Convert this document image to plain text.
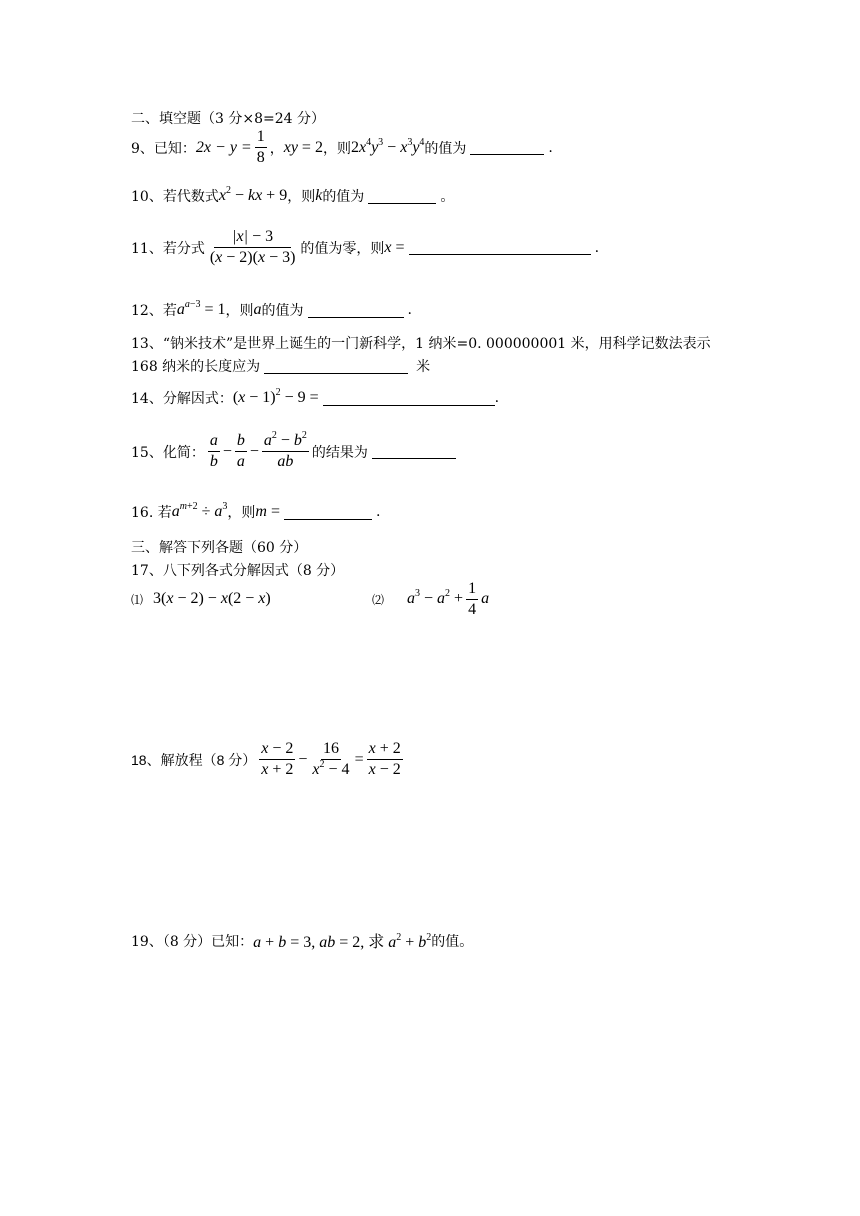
二、填空题（3 分×8=24 分）
9、已知： $2x - y = \frac{1}{8}$ ， xy = 2 ，则 $2x^4y^3 - x^3y^4$ 的值为	.
10、若代数式 $x^2$ − kx + 9 ，则 k 的值为	。
11、若分式 $\frac{|x| - 3}{(x - 2)(x - 3)}$ 的值为零，则 x =	.
12、若 $a^{a-3} = 1$ ，则 a 的值为	.
13、“钠米技术”是世界上诞生的一门新科学，1 纳米=0. 000000001 米，用科学记数法表示
168 纳米的长度应为	米
14、分解因式： $(x - 1)^2 - 9$ =	.
15、化简： $\frac{a}{b} - \frac{b}{a} - \frac{a^2 - b^2}{ab}$ 的结果为
16. 若 $a^{m+2} \div a^3$ ，则 m =	.
三、解答下列各题（60 分）
17、八下列各式分解因式（8 分）
⑴ 3(x − 2) − x(2 − x)	⑵ $a^3 - a^2 + \frac{1}{4}$ a
18、解放程（8 分） $\frac{x - 2}{x + 2} - \frac{16}{x^2 - 4} = \frac{x + 2}{x - 2}$
19、（8 分）已知： a + b = 3, ab = 2, 求 $a^2 + b^2$ 的值。
